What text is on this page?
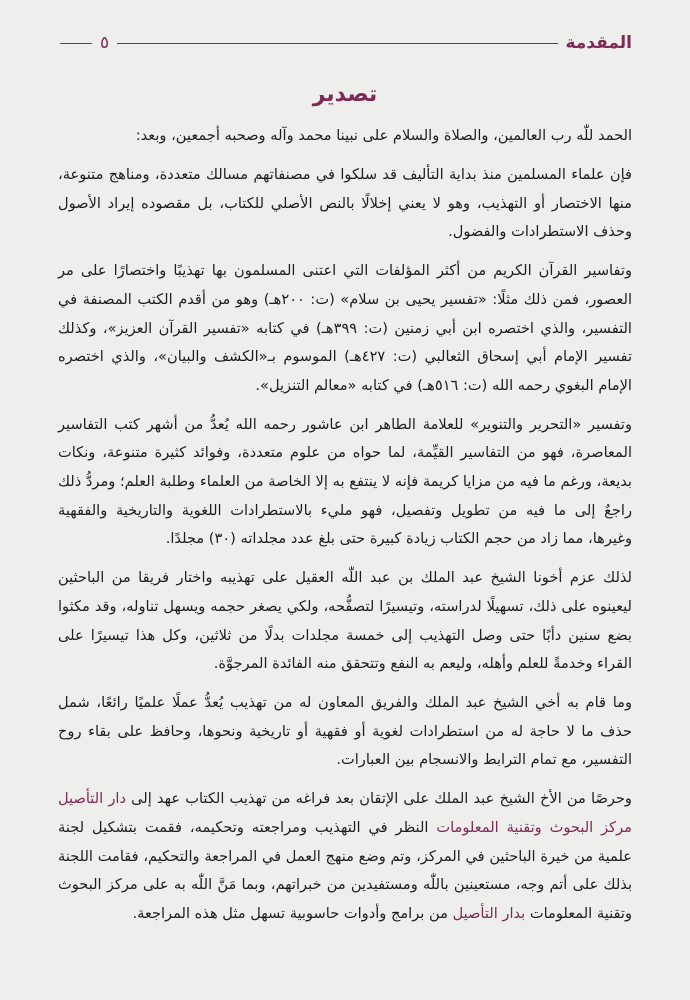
المقدمة
٥
تصدير

الحمد للّٰه رب العالمين، والصلاة والسلام على نبينا محمد وآله وصحبه أجمعين، وبعد:

فإن علماء المسلمين منذ بداية التأليف قد سلكوا في مصنفاتهم مسالك متعددة، ومناهج متنوعة، منها الاختصار أو التهذيب، وهو لا يعني إخلالًا بالنص الأصلي للكتاب، بل مقصوده إيراد الأصول وحذف الاستطرادات والفضول.

وتفاسير القرآن الكريم من أكثر المؤلفات التي اعتنى المسلمون بها تهذيبًا واختصارًا على مر العصور، فمن ذلك مثلًا: «تفسير يحيى بن سلام» (ت: ٢٠٠هـ) وهو من أقدم الكتب المصنفة في التفسير، والذي اختصره ابن أبي زمنين (ت: ٣٩٩هـ) في كتابه «تفسير القرآن العزيز»، وكذلك تفسير الإمام أبي إسحاق الثعالبي (ت: ٤٢٧هـ) الموسوم بـ«الكشف والبيان»، والذي اختصره الإمام البغوي رحمه الله (ت: ٥١٦هـ) في كتابه «معالم التنزيل».

وتفسير «التحرير والتنوير» للعلامة الطاهر ابن عاشور رحمه الله يُعدُّ من أشهر كتب التفاسير المعاصرة، فهو من التفاسير القيِّمة، لما حواه من علوم متعددة، وفوائد كثيرة متنوعة، ونكات بديعة، ورغم ما فيه من مزايا كريمة فإنه لا ينتفع به إلا الخاصة من العلماء وطلبة العلم؛ ومردُّ ذلك راجعٌ إلى ما فيه من تطويل وتفصيل، فهو مليء بالاستطرادات اللغوية والتاريخية والفقهية وغيرها، مما زاد من حجم الكتاب زيادة كبيرة حتى بلغ عدد مجلداته (٣٠) مجلدًا.

لذلك عزم أخونا الشيخ عبد الملك بن عبد اللّٰه العقيل على تهذيبه واختار فريقا من الباحثين ليعينوه على ذلك، تسهيلًا لدراسته، وتيسيرًا لتصفُّحه، ولكي يصغر حجمه ويسهل تناوله، وقد مكثوا بضع سنين دأبًا حتى وصل التهذيب إلى خمسة مجلدات بدلًا من ثلاثين، وكل هذا تيسيرًا على القراء وخدمةً للعلم وأهله، وليعم به النفع وتتحقق منه الفائدة المرجوَّة.

وما قام به أخي الشيخ عبد الملك والفريق المعاون له من تهذيب يُعدُّ عملًا علميًا رائعًا، شمل حذف ما لا حاجة له من استطرادات لغوية أو فقهية أو تاريخية ونحوها، وحافظ على بقاء روح التفسير، مع تمام الترابط والانسجام بين العبارات.

وحرصًا من الأخ الشيخ عبد الملك على الإتقان بعد فراغه من تهذيب الكتاب عهد إلى دار التأصيل مركز البحوث وتقنية المعلومات النظر في التهذيب ومراجعته وتحكيمه، فقمت بتشكيل لجنة علمية من خيرة الباحثين في المركز، وتم وضع منهج العمل في المراجعة والتحكيم، فقامت اللجنة بذلك على أتم وجه، مستعينين باللّٰه ومستفيدين من خبراتهم، وبما مَنَّ اللّٰه به على مركز البحوث وتقنية المعلومات بدار التأصيل من برامج وأدوات حاسوبية تسهل مثل هذه المراجعة.
